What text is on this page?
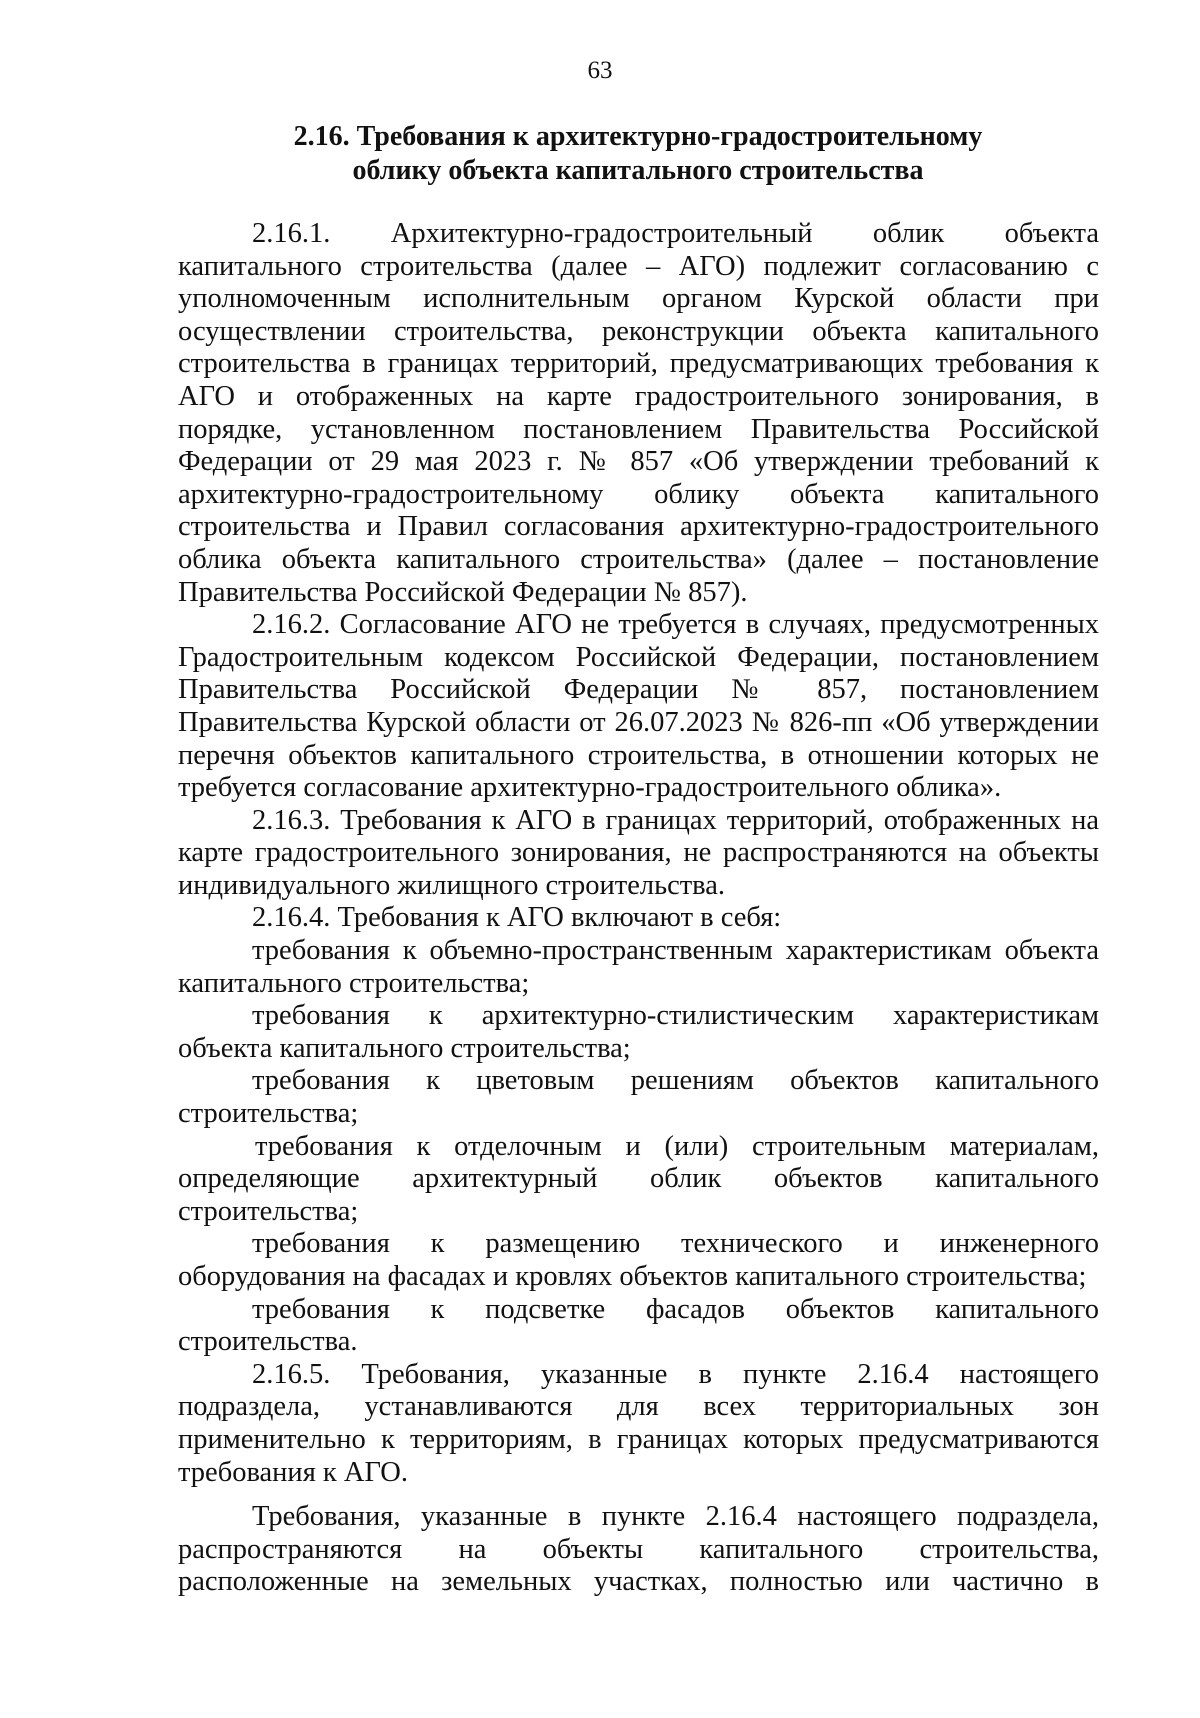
63
2.16. Требования к архитектурно-градостроительному
облику объекта капитального строительства
2.16.1. Архитектурно-градостроительный облик объекта
капитального строительства (далее – АГО) подлежит согласованию с
уполномоченным исполнительным органом Курской области при
осуществлении строительства, реконструкции объекта капитального
строительства в границах территорий, предусматривающих требования к
АГО и отображенных на карте градостроительного зонирования, в
порядке, установленном постановлением Правительства Российской
Федерации от 29 мая 2023 г. № 857 «Об утверждении требований к
архитектурно-градостроительному облику объекта капитального
строительства и Правил согласования архитектурно-градостроительного
облика объекта капитального строительства» (далее – постановление
Правительства Российской Федерации № 857).
2.16.2. Согласование АГО не требуется в случаях, предусмотренных
Градостроительным кодексом Российской Федерации, постановлением
Правительства Российской Федерации № 857, постановлением
Правительства Курской области от 26.07.2023 № 826-пп «Об утверждении
перечня объектов капитального строительства, в отношении которых не
требуется согласование архитектурно-градостроительного облика».
2.16.3. Требования к АГО в границах территорий, отображенных на
карте градостроительного зонирования, не распространяются на объекты
индивидуального жилищного строительства.
2.16.4. Требования к АГО включают в себя:
требования к объемно-пространственным характеристикам объекта
капитального строительства;
требования к архитектурно-стилистическим характеристикам
объекта капитального строительства;
требования к цветовым решениям объектов капитального
строительства;
требования к отделочным и (или) строительным материалам,
определяющие архитектурный облик объектов капитального
строительства;
требования к размещению технического и инженерного
оборудования на фасадах и кровлях объектов капитального строительства;
требования к подсветке фасадов объектов капитального
строительства.
2.16.5. Требования, указанные в пункте 2.16.4 настоящего
подраздела, устанавливаются для всех территориальных зон
применительно к территориям, в границах которых предусматриваются
требования к АГО.
Требования, указанные в пункте 2.16.4 настоящего подраздела,
распространяются на объекты капитального строительства,
расположенные на земельных участках, полностью или частично в
